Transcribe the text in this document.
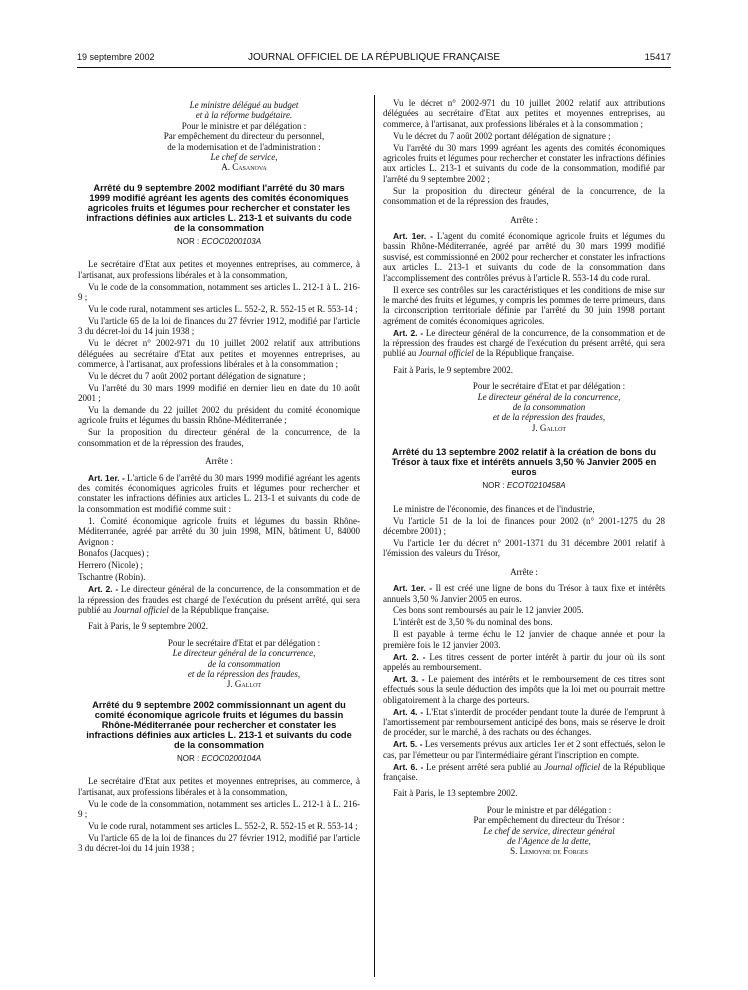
19 septembre 2002	JOURNAL OFFICIEL DE LA RÉPUBLIQUE FRANÇAISE	15417

Le ministre délégué au budget

et à la réforme budgétaire.

Pour le ministre et par délégation :

Par empêchement du directeur du personnel,

de la modernisation et de l'administration :

Le chef de service,

A. Casanova

Arrêté du 9 septembre 2002 modifiant l'arrêté du 30 mars 1999 modifié agréant les agents des comités économiques agricoles fruits et légumes pour rechercher et constater les infractions définies aux articles L. 213-1 et suivants du code de la consommation
NOR : ECOC0200103A

Le secrétaire d'Etat aux petites et moyennes entreprises, au commerce, à l'artisanat, aux professions libérales et à la consommation,

Vu le code de la consommation, notamment ses articles L. 212-1 à L. 216-9 ;

Vu le code rural, notamment ses articles L. 552-2, R. 552-15 et R. 553-14 ;

Vu l'article 65 de la loi de finances du 27 février 1912, modifié par l'article 3 du décret-loi du 14 juin 1938 ;

Vu le décret n° 2002-971 du 10 juillet 2002 relatif aux attributions déléguées au secrétaire d'Etat aux petites et moyennes entreprises, au commerce, à l'artisanat, aux professions libérales et à la consommation ;

Vu le décret du 7 août 2002 portant délégation de signature ;

Vu l'arrêté du 30 mars 1999 modifié en dernier lieu en date du 10 août 2001 ;

Vu la demande du 22 juillet 2002 du président du comité économique agricole fruits et légumes du bassin Rhône-Méditerranée ;

Sur la proposition du directeur général de la concurrence, de la consommation et de la répression des fraudes,

Arrête :

Art. 1er. - L'article 6 de l'arrêté du 30 mars 1999 modifié agréant les agents des comités économiques agricoles fruits et légumes pour rechercher et constater les infractions définies aux articles L. 213-1 et suivants du code de la consommation est modifié comme suit :

1. Comité économique agricole fruits et légumes du bassin Rhône-Méditerranée, agréé par arrêté du 30 juin 1998, MIN, bâtiment U, 84000 Avignon :

Bonafos (Jacques) ;

Herrero (Nicole) ;

Tschantre (Robin).

Art. 2. - Le directeur général de la concurrence, de la consommation et de la répression des fraudes est chargé de l'exécution du présent arrêté, qui sera publié au Journal officiel de la République française.

Fait à Paris, le 9 septembre 2002.

Pour le secrétaire d'Etat et par délégation :

Le directeur général de la concurrence,

de la consommation

et de la répression des fraudes,

J. Gallot

Arrêté du 9 septembre 2002 commissionnant un agent du comité économique agricole fruits et légumes du bassin Rhône-Méditerranée pour rechercher et constater les infractions définies aux articles L. 213-1 et suivants du code de la consommation
NOR : ECOC0200104A

Le secrétaire d'Etat aux petites et moyennes entreprises, au commerce, à l'artisanat, aux professions libérales et à la consommation,

Vu le code de la consommation, notamment ses articles L. 212-1 à L. 216-9 ;

Vu le code rural, notamment ses articles L. 552-2, R. 552-15 et R. 553-14 ;

Vu l'article 65 de la loi de finances du 27 février 1912, modifié par l'article 3 du décret-loi du 14 juin 1938 ;

Vu le décret n° 2002-971 du 10 juillet 2002 relatif aux attributions déléguées au secrétaire d'Etat aux petites et moyennes entreprises, au commerce, à l'artisanat, aux professions libérales et à la consommation ;

Vu le décret du 7 août 2002 portant délégation de signature ;

Vu l'arrêté du 30 mars 1999 agréant les agents des comités économiques agricoles fruits et légumes pour rechercher et constater les infractions définies aux articles L. 213-1 et suivants du code de la consommation, modifié par l'arrêté du 9 septembre 2002 ;

Sur la proposition du directeur général de la concurrence, de la consommation et de la répression des fraudes,

Arrête :

Art. 1er. - L'agent du comité économique agricole fruits et légumes du bassin Rhône-Méditerranée, agréé par arrêté du 30 mars 1999 modifié susvisé, est commissionné en 2002 pour rechercher et constater les infractions aux articles L. 213-1 et suivants du code de la consommation dans l'accomplissement des contrôles prévus à l'article R. 553-14 du code rural.

Il exerce ses contrôles sur les caractéristiques et les conditions de mise sur le marché des fruits et légumes, y compris les pommes de terre primeurs, dans la circonscription territoriale définie par l'arrêté du 30 juin 1998 portant agrément de comités économiques agricoles.

Art. 2. - Le directeur général de la concurrence, de la consommation et de la répression des fraudes est chargé de l'exécution du présent arrêté, qui sera publié au Journal officiel de la République française.

Fait à Paris, le 9 septembre 2002.

Pour le secrétaire d'Etat et par délégation :

Le directeur général de la concurrence,

de la consommation

et de la répression des fraudes,

J. Gallot

Arrêté du 13 septembre 2002 relatif à la création de bons du Trésor à taux fixe et intérêts annuels 3,50 % Janvier 2005 en euros
NOR : ECOT0210458A

Le ministre de l'économie, des finances et de l'industrie,

Vu l'article 51 de la loi de finances pour 2002 (n° 2001-1275 du 28 décembre 2001) ;

Vu l'article 1er du décret n° 2001-1371 du 31 décembre 2001 relatif à l'émission des valeurs du Trésor,

Arrête :

Art. 1er. - Il est créé une ligne de bons du Trésor à taux fixe et intérêts annuels 3,50 % Janvier 2005 en euros.

Ces bons sont remboursés au pair le 12 janvier 2005.

L'intérêt est de 3,50 % du nominal des bons.

Il est payable à terme échu le 12 janvier de chaque année et pour la première fois le 12 janvier 2003.

Art. 2. - Les titres cessent de porter intérêt à partir du jour où ils sont appelés au remboursement.

Art. 3. - Le paiement des intérêts et le remboursement de ces titres sont effectués sous la seule déduction des impôts que la loi met ou pourrait mettre obligatoirement à la charge des porteurs.

Art. 4. - L'Etat s'interdit de procéder pendant toute la durée de l'emprunt à l'amortissement par remboursement anticipé des bons, mais se réserve le droit de procéder, sur le marché, à des rachats ou des échanges.

Art. 5. - Les versements prévus aux articles 1er et 2 sont effectués, selon le cas, par l'émetteur ou par l'intermédiaire gérant l'inscription en compte.

Art. 6. - Le présent arrêté sera publié au Journal officiel de la République française.

Fait à Paris, le 13 septembre 2002.

Pour le ministre et par délégation :

Par empêchement du directeur du Trésor :

Le chef de service, directeur général

de l'Agence de la dette,

S. Lemoyne de Forges
